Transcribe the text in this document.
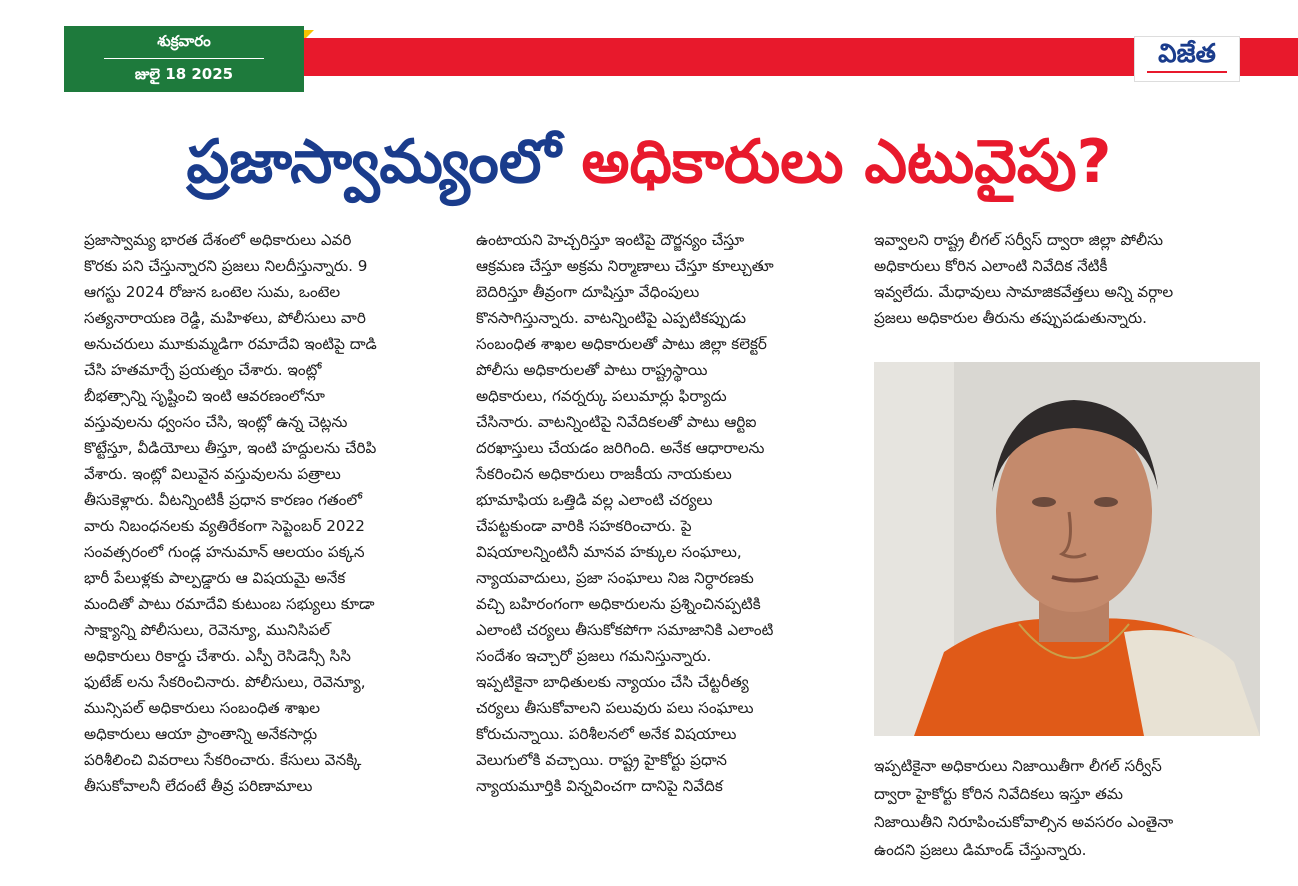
శుక్రవారం
జులై 18 2025
విజేత
ప్రజాస్వామ్యంలో అధికారులు ఎటువైపు?
ప్రజాస్వామ్య భారత దేశంలో అధికారులు ఎవరి
కొరకు పని చేస్తున్నారని ప్రజలు నిలదీస్తున్నారు. 9
ఆగస్టు 2024 రోజున ఒంటెల సుమ, ఒంటెల
సత్యనారాయణ రెడ్డి, మహిళలు, పోలీసులు వారి
అనుచరులు మూకుమ్మడిగా రమాదేవి ఇంటిపై దాడి
చేసి హతమార్చే ప్రయత్నం చేశారు. ఇంట్లో
బీభత్సాన్ని సృష్టించి ఇంటి ఆవరణంలోనూ
వస్తువులను ధ్వంసం చేసి, ఇంట్లో ఉన్న చెట్లను
కొట్టేస్తూ, వీడియోలు తీస్తూ, ఇంటి హద్దులను చేరిపి
వేశారు. ఇంట్లో విలువైన వస్తువులను పత్రాలు
తీసుకెళ్లారు. వీటన్నింటికీ ప్రధాన కారణం గతంలో
వారు నిబంధనలకు వ్యతిరేకంగా సెప్టెంబర్ 2022
సంవత్సరంలో గుండ్ల హనుమాన్ ఆలయం పక్కన
భారీ పేలుళ్లకు పాల్పడ్డారు ఆ విషయమై అనేక
మందితో పాటు రమాదేవి కుటుంబ సభ్యులు కూడా
సాక్ష్యాన్ని పోలీసులు, రెవెన్యూ, మునిసిపల్
అధికారులు రికార్డు చేశారు. ఎస్పీ రెసిడెన్సీ సిసి
ఫుటేజ్ లను సేకరించినారు. పోలీసులు, రెవెన్యూ,
మున్సిపల్ అధికారులు సంబంధిత శాఖల
అధికారులు ఆయా ప్రాంతాన్ని అనేకసార్లు
పరిశీలించి వివరాలు సేకరించారు. కేసులు వెనక్కి
తీసుకోవాలనీ లేదంటే తీవ్ర పరిణామాలు
ఉంటాయని హెచ్చరిస్తూ ఇంటిపై దౌర్జన్యం చేస్తూ
ఆక్రమణ చేస్తూ అక్రమ నిర్మాణాలు చేస్తూ కూల్చుతూ
బెదిరిస్తూ తీవ్రంగా దూషిస్తూ వేధింపులు
కొనసాగిస్తున్నారు. వాటన్నింటిపై ఎప్పటికప్పుడు
సంబంధిత శాఖల అధికారులతో పాటు జిల్లా కలెక్టర్
పోలీసు అధికారులతో పాటు రాష్ట్రస్థాయి
అధికారులు, గవర్నర్కు పలుమార్లు ఫిర్యాదు
చేసినారు. వాటన్నింటిపై నివేదికలతో పాటు ఆర్టిఐ
దరఖాస్తులు చేయడం జరిగింది. అనేక ఆధారాలను
సేకరించిన అధికారులు రాజకీయ నాయకులు
భూమాఫియ ఒత్తిడి వల్ల ఎలాంటి చర్యలు
చేపట్టకుండా వారికి సహకరించారు. పై
విషయాలన్నింటినీ మానవ హక్కుల సంఘాలు,
న్యాయవాదులు, ప్రజా సంఘాలు నిజ నిర్ధారణకు
వచ్చి బహిరంగంగా అధికారులను ప్రశ్నించినప్పటికి
ఎలాంటి చర్యలు తీసుకోకపోగా సమాజానికి ఎలాంటి
సందేశం ఇచ్చారో ప్రజలు గమనిస్తున్నారు.
ఇప్పటికైనా బాధితులకు న్యాయం చేసి చేట్టరీత్య
చర్యలు తీసుకోవాలని పలువురు పలు సంఘాలు
కోరుచున్నాయి. పరిశీలనలో అనేక విషయాలు
వెలుగులోకి వచ్చాయి. రాష్ట్ర హైకోర్టు ప్రధాన
న్యాయమూర్తికి విన్నవించగా దానిపై నివేదిక
ఇవ్వాలని రాష్ట్ర లీగల్ సర్వీస్ ద్వారా జిల్లా పోలీసు
అధికారులు కోరిన ఎలాంటి నివేదిక నేటికీ
ఇవ్వలేదు. మేధావులు సామాజికవేత్తలు అన్ని వర్గాల
ప్రజలు అధికారుల తీరును తప్పుపడుతున్నారు.
ఇప్పటికైనా అధికారులు నిజాయితీగా లీగల్ సర్వీస్
ద్వారా హైకోర్టు కోరిన నివేదికలు ఇస్తూ తమ
నిజాయితీని నిరూపించుకోవాల్సిన అవసరం ఎంతైనా
ఉందని ప్రజలు డిమాండ్ చేస్తున్నారు.
